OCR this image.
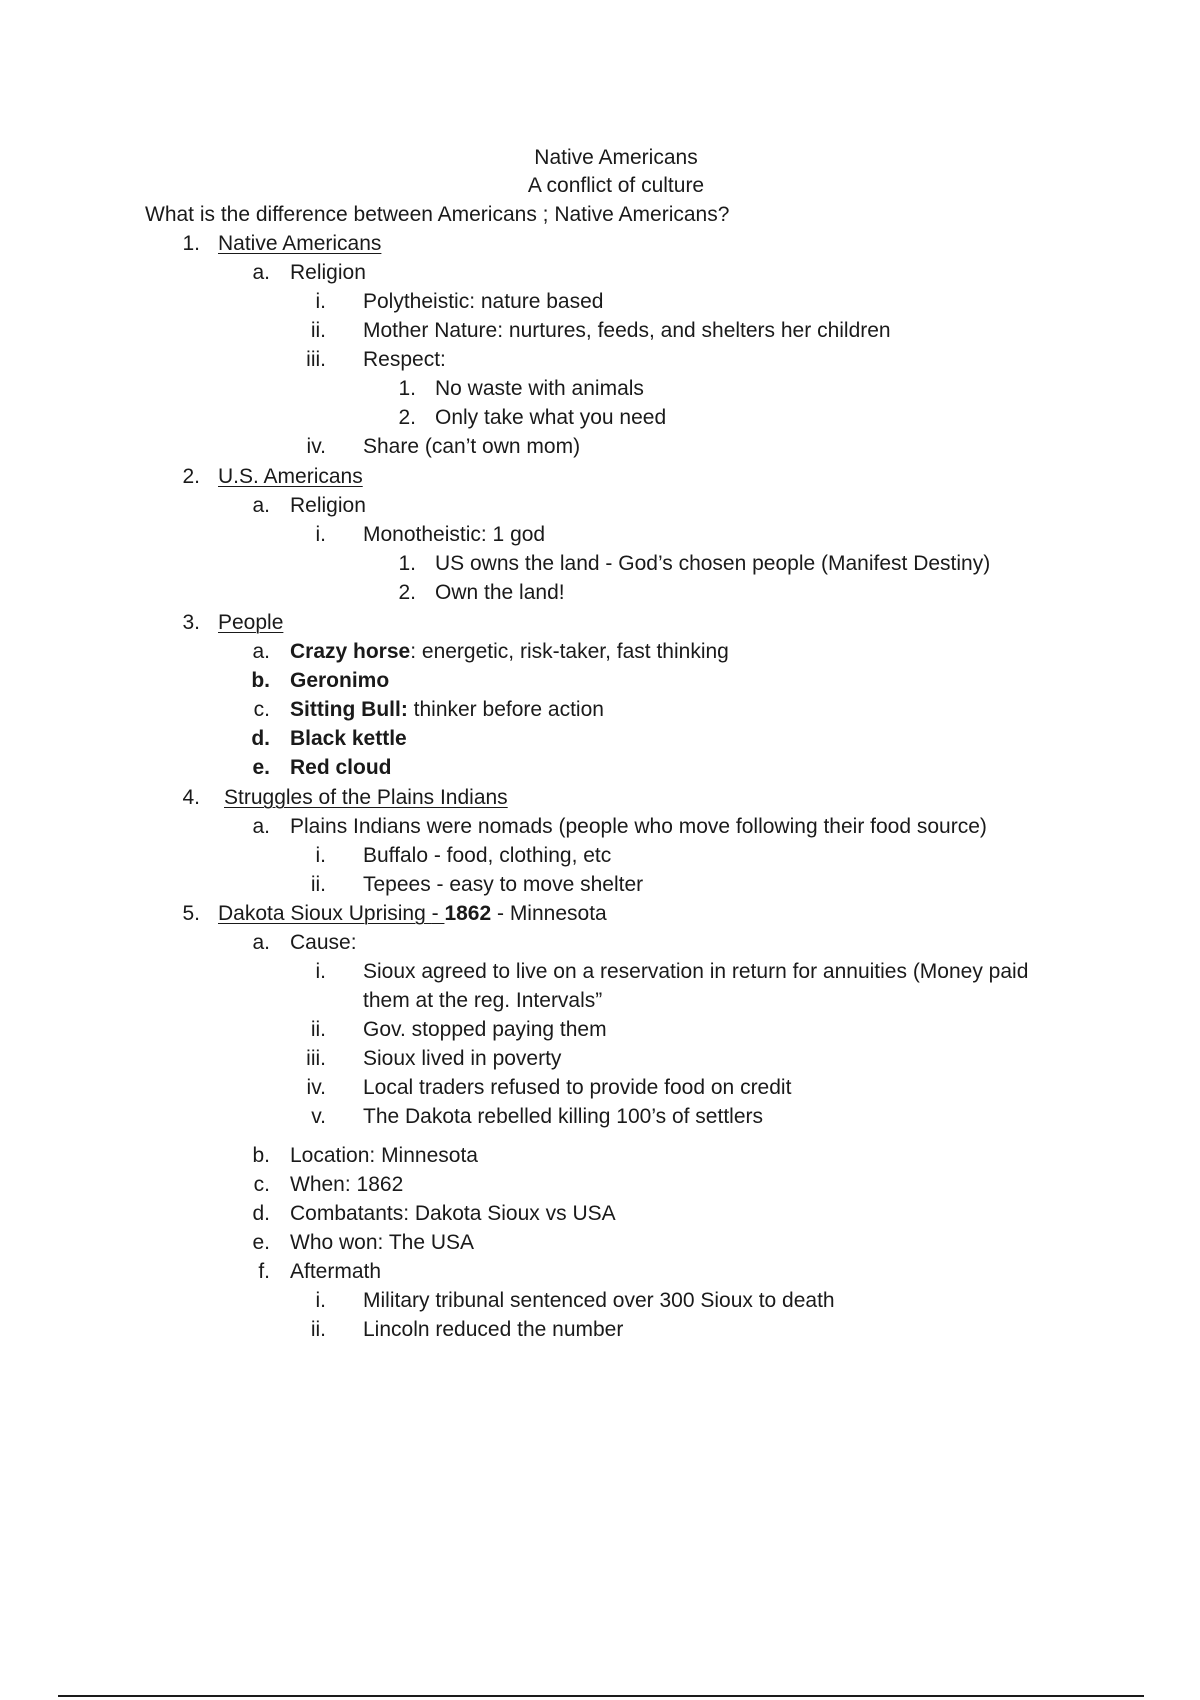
Native Americans
A conflict of culture
What is the difference between Americans ; Native Americans?
1. Native Americans
a. Religion
i. Polytheistic: nature based
ii. Mother Nature: nurtures, feeds, and shelters her children
iii. Respect:
1. No waste with animals
2. Only take what you need
iv. Share (can’t own mom)
2. U.S. Americans
a. Religion
i. Monotheistic: 1 god
1. US owns the land - God’s chosen people (Manifest Destiny)
2. Own the land!
3. People
a. Crazy horse: energetic, risk-taker, fast thinking
b. Geronimo
c. Sitting Bull: thinker before action
d. Black kettle
e. Red cloud
4. Struggles of the Plains Indians
a. Plains Indians were nomads (people who move following their food source)
i. Buffalo - food, clothing, etc
ii. Tepees - easy to move shelter
5. Dakota Sioux Uprising - 1862 - Minnesota
a. Cause:
i. Sioux agreed to live on a reservation in return for annuities (Money paid
them at the reg. Intervals”
ii. Gov. stopped paying them
iii. Sioux lived in poverty
iv. Local traders refused to provide food on credit
v. The Dakota rebelled killing 100’s of settlers
b. Location: Minnesota
c. When: 1862
d. Combatants: Dakota Sioux vs USA
e. Who won: The USA
f. Aftermath
i. Military tribunal sentenced over 300 Sioux to death
ii. Lincoln reduced the number
